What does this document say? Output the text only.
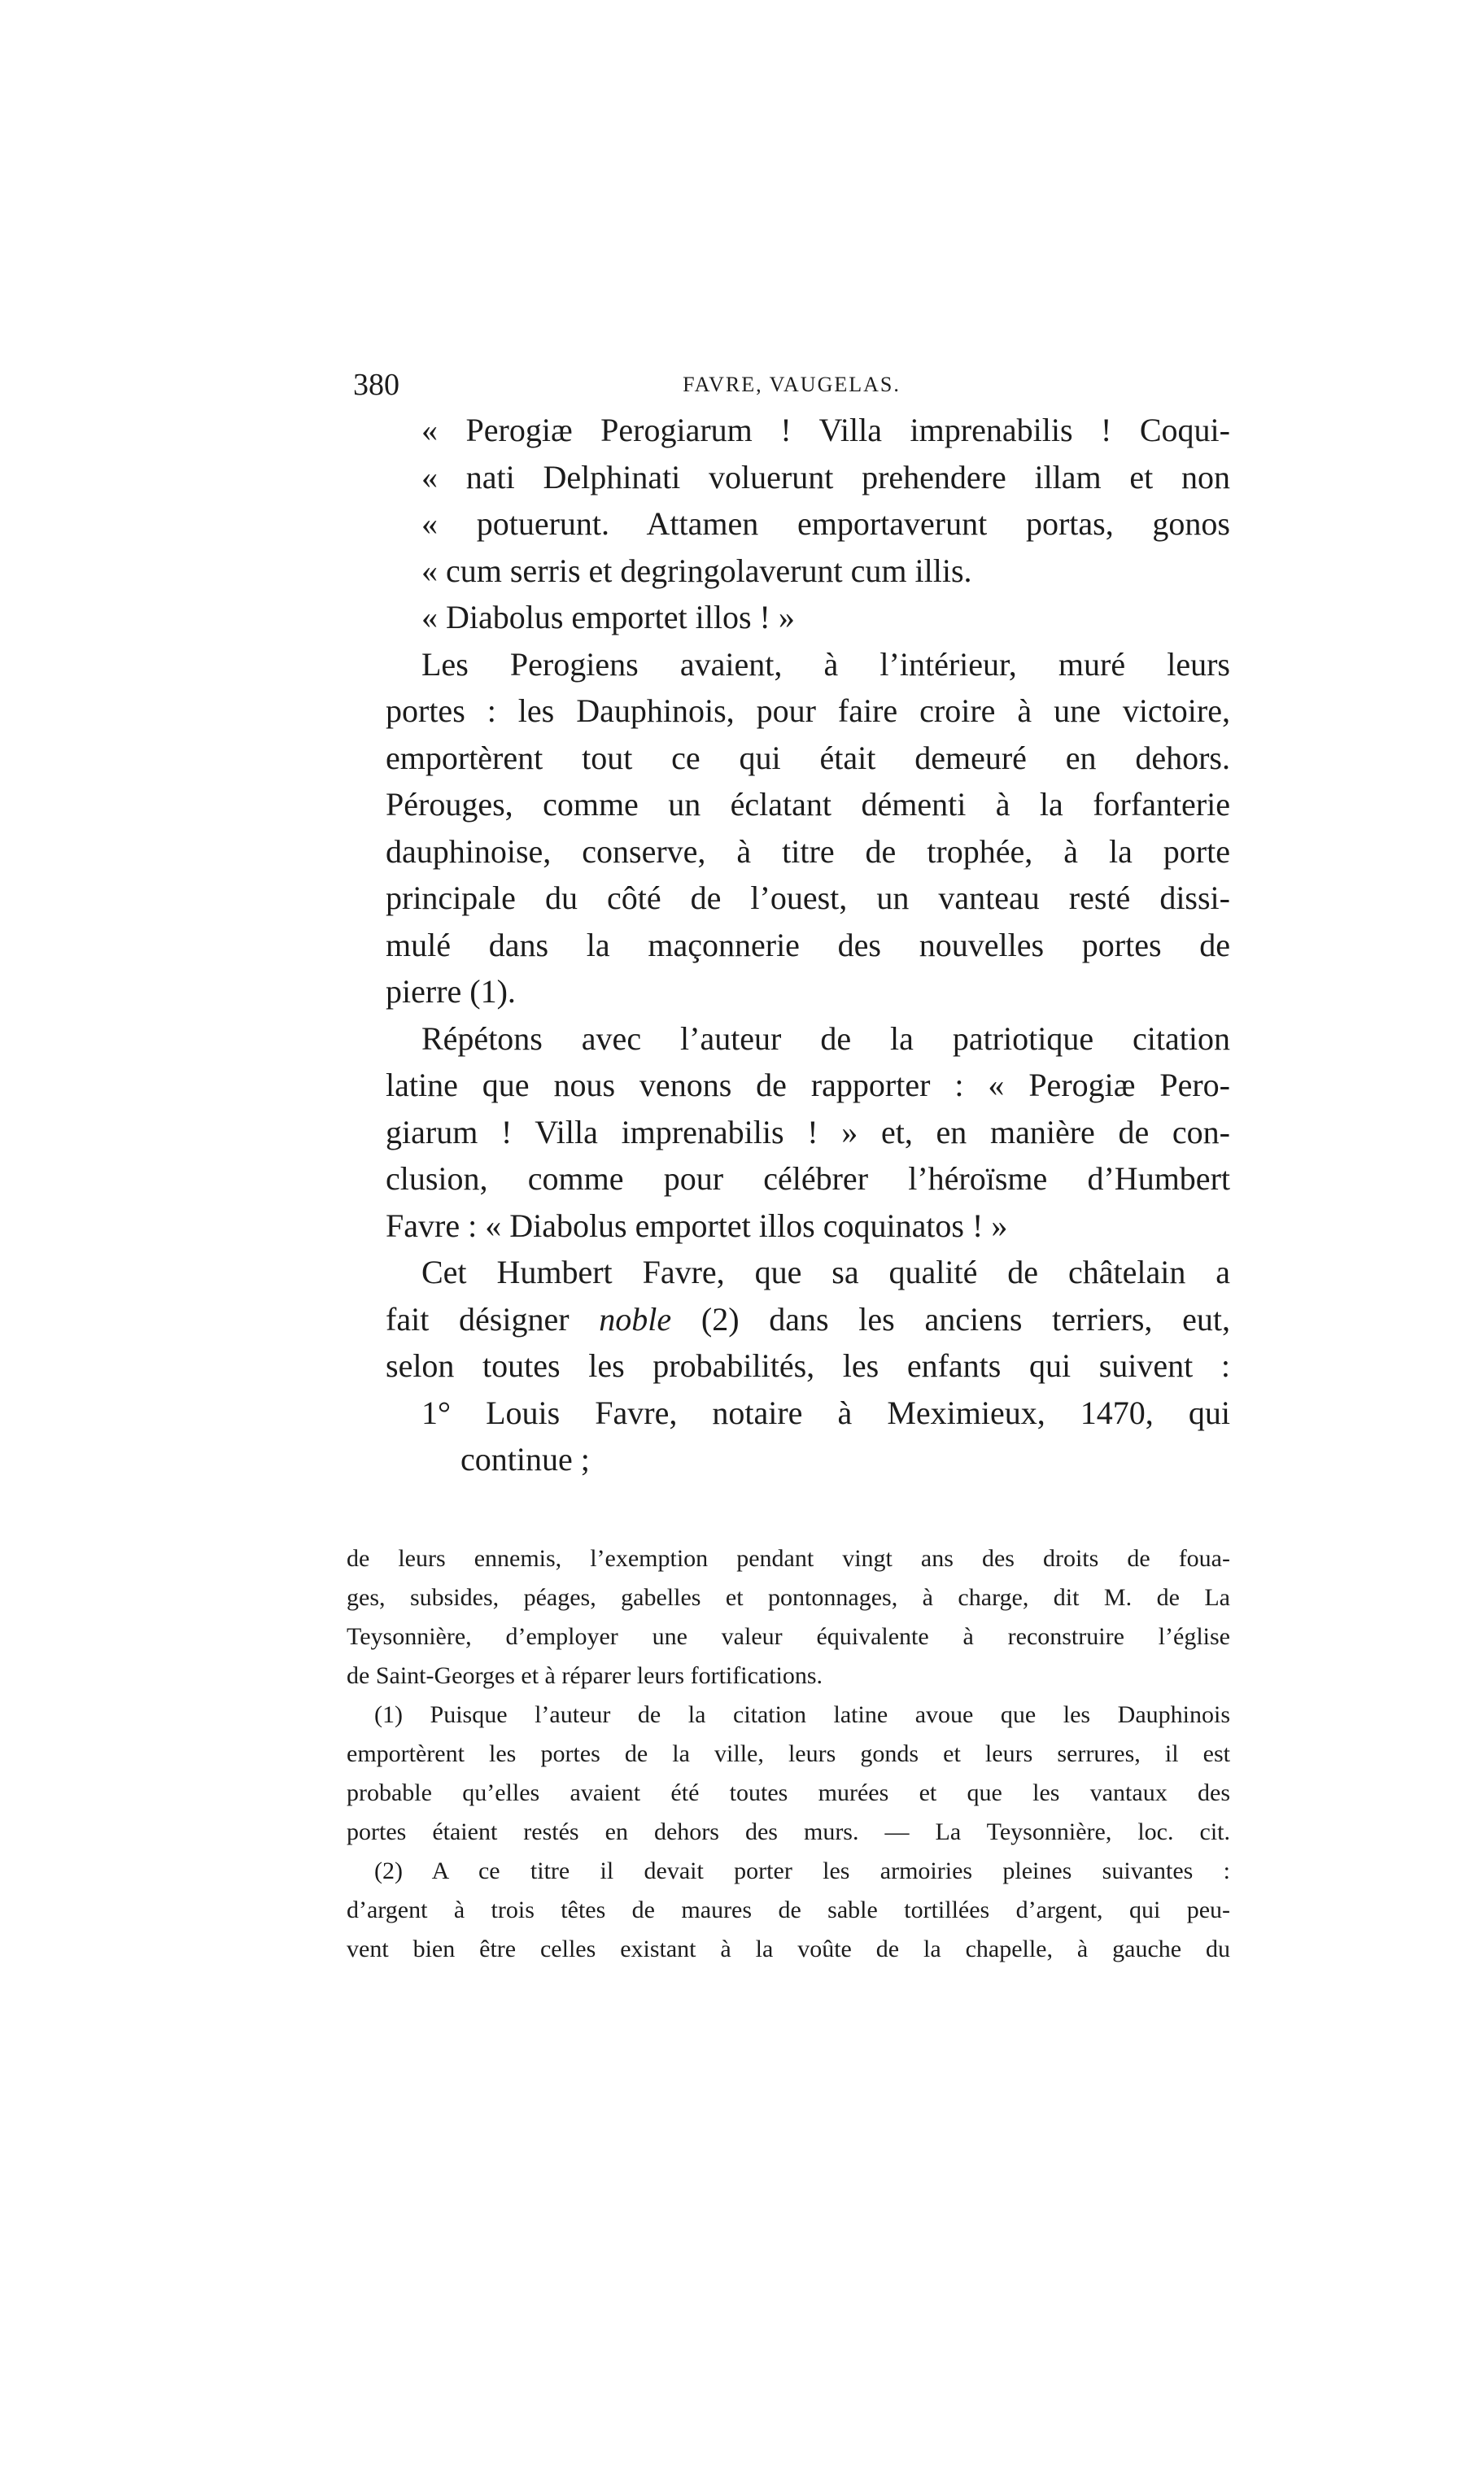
380	FAVRE, VAUGELAS.
« Perogiæ Perogiarum ! Villa imprenabilis ! Coqui-
« nati Delphinati voluerunt prehendere illam et non
« potuerunt. Attamen emportaverunt portas, gonos
« cum serris et degringolaverunt cum illis.
« Diabolus emportet illos ! »
Les Perogiens avaient, à l’intérieur, muré leurs
portes : les Dauphinois, pour faire croire à une victoire,
emportèrent tout ce qui était demeuré en dehors.
Pérouges, comme un éclatant démenti à la forfanterie
dauphinoise, conserve, à titre de trophée, à la porte
principale du côté de l’ouest, un vanteau resté dissi-
mulé dans la maçonnerie des nouvelles portes de
pierre (1).
Répétons avec l’auteur de la patriotique citation
latine que nous venons de rapporter : « Perogiæ Pero-
giarum ! Villa imprenabilis ! » et, en manière de con-
clusion, comme pour célébrer l’héroïsme d’Humbert
Favre : « Diabolus emportet illos coquinatos ! »
Cet Humbert Favre, que sa qualité de châtelain a
fait désigner noble (2) dans les anciens terriers, eut,
selon toutes les probabilités, les enfants qui suivent :
1° Louis Favre, notaire à Meximieux, 1470, qui
continue ;
de leurs ennemis, l’exemption pendant vingt ans des droits de foua-
ges, subsides, péages, gabelles et pontonnages, à charge, dit M. de La
Teysonnière, d’employer une valeur équivalente à reconstruire l’église
de Saint-Georges et à réparer leurs fortifications.
(1) Puisque l’auteur de la citation latine avoue que les Dauphinois
emportèrent les portes de la ville, leurs gonds et leurs serrures, il est
probable qu’elles avaient été toutes murées et que les vantaux des
portes étaient restés en dehors des murs. — La Teysonnière, loc. cit.
(2) A ce titre il devait porter les armoiries pleines suivantes :
d’argent à trois têtes de maures de sable tortillées d’argent, qui peu-
vent bien être celles existant à la voûte de la chapelle, à gauche du
